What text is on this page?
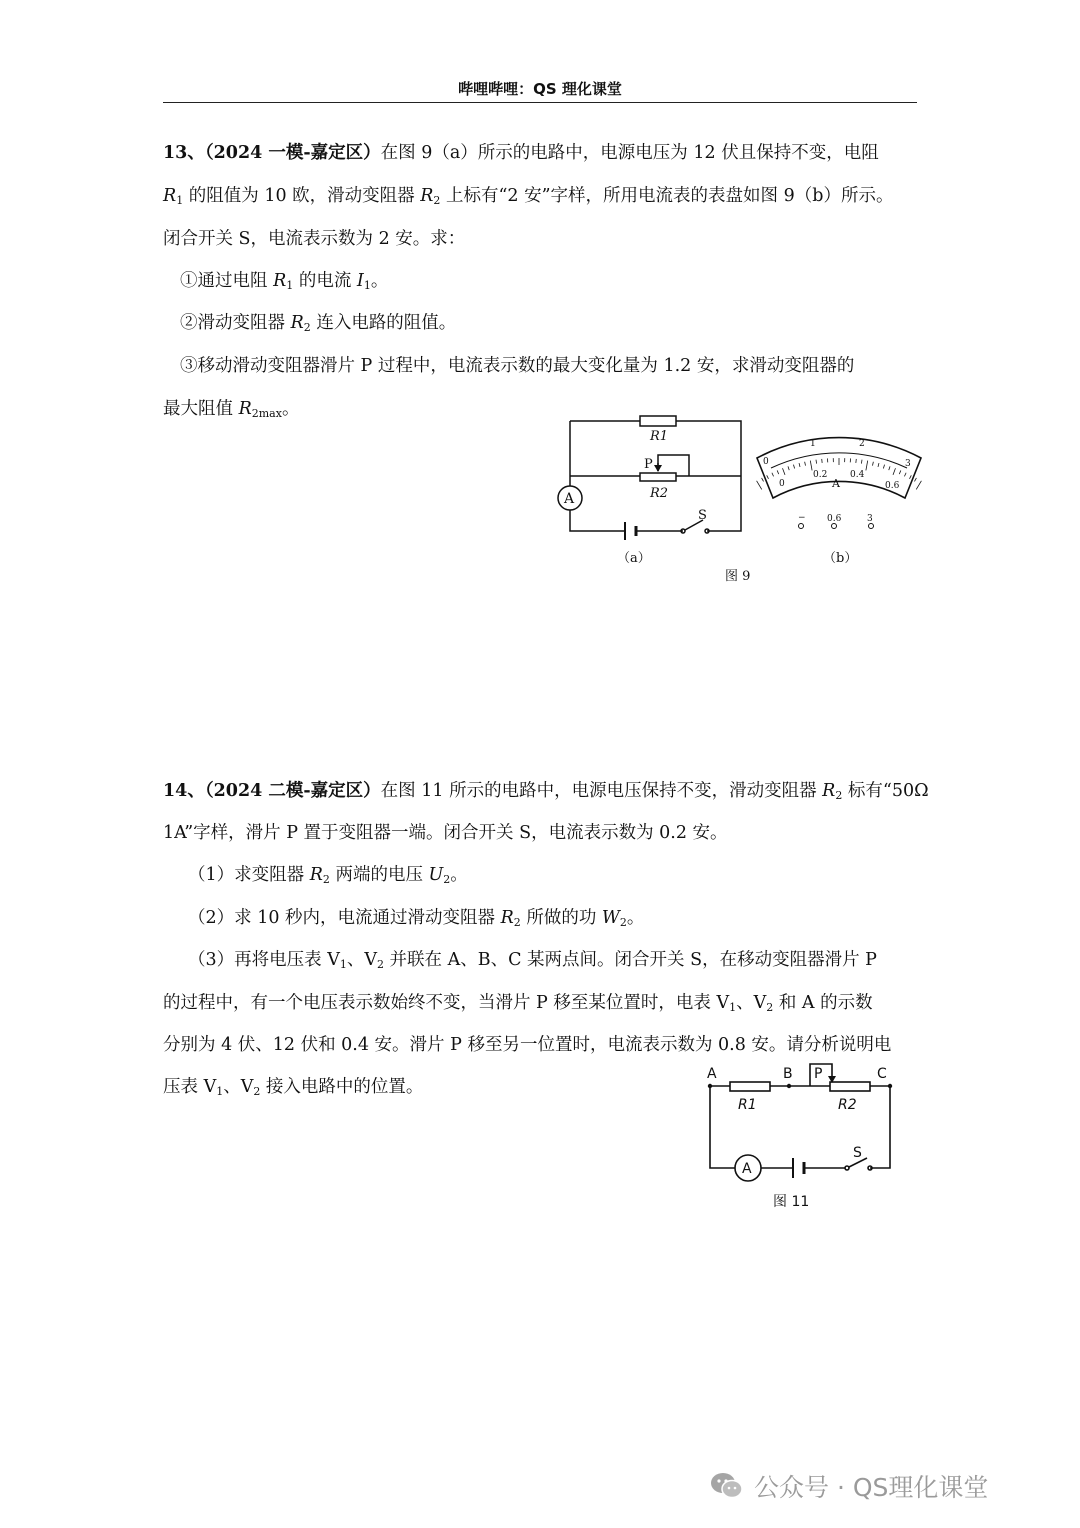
哔哩哔哩：QS 理化课堂
13、（2024 一模-嘉定区）在图 9（a）所示的电路中，电源电压为 12 伏且保持不变，电阻
$R_1$ 的阻值为 10 欧，滑动变阻器 $R_2$ 上标有“2 安”字样，所用电流表的表盘如图 9（b）所示。
闭合开关 S，电流表示数为 2 安。求：
①通过电阻 $R_1$ 的电流 $I_1$。
②滑动变阻器 $R_2$ 连入电路的阻值。
③移动滑动变阻器滑片 P 过程中，电流表示数的最大变化量为 1.2 安，求滑动变阻器的
最大阻值 $R_{2max}$。
R1
P
R2
A
S
（a）	（b）
图 9
0
1	2
3
0
0.2	0.4
0.6
A
− 0.6	3
14、（2024 二模-嘉定区）在图 11 所示的电路中，电源电压保持不变，滑动变阻器 $R_2$ 标有“50Ω
1A”字样，滑片 P 置于变阻器一端。闭合开关 S，电流表示数为 0.2 安。
（1）求变阻器 $R_2$ 两端的电压 $U_2$。
（2）求 10 秒内，电流通过滑动变阻器 $R_2$ 所做的功 $W_2$。
（3）再将电压表 $V_1$、$V_2$ 并联在 A、B、C 某两点间。闭合开关 S，在移动变阻器滑片 P
的过程中，有一个电压表示数始终不变，当滑片 P 移至某位置时，电表 $V_1$、$V_2$ 和 A 的示数
分别为 4 伏、12 伏和 0.4 安。滑片 P 移至另一位置时，电流表示数为 0.8 安。请分析说明电
压表 $V_1$、$V_2$ 接入电路中的位置。
A	B P	C
R1	R2
A
S
图 11
公众号 · QS理化课堂
